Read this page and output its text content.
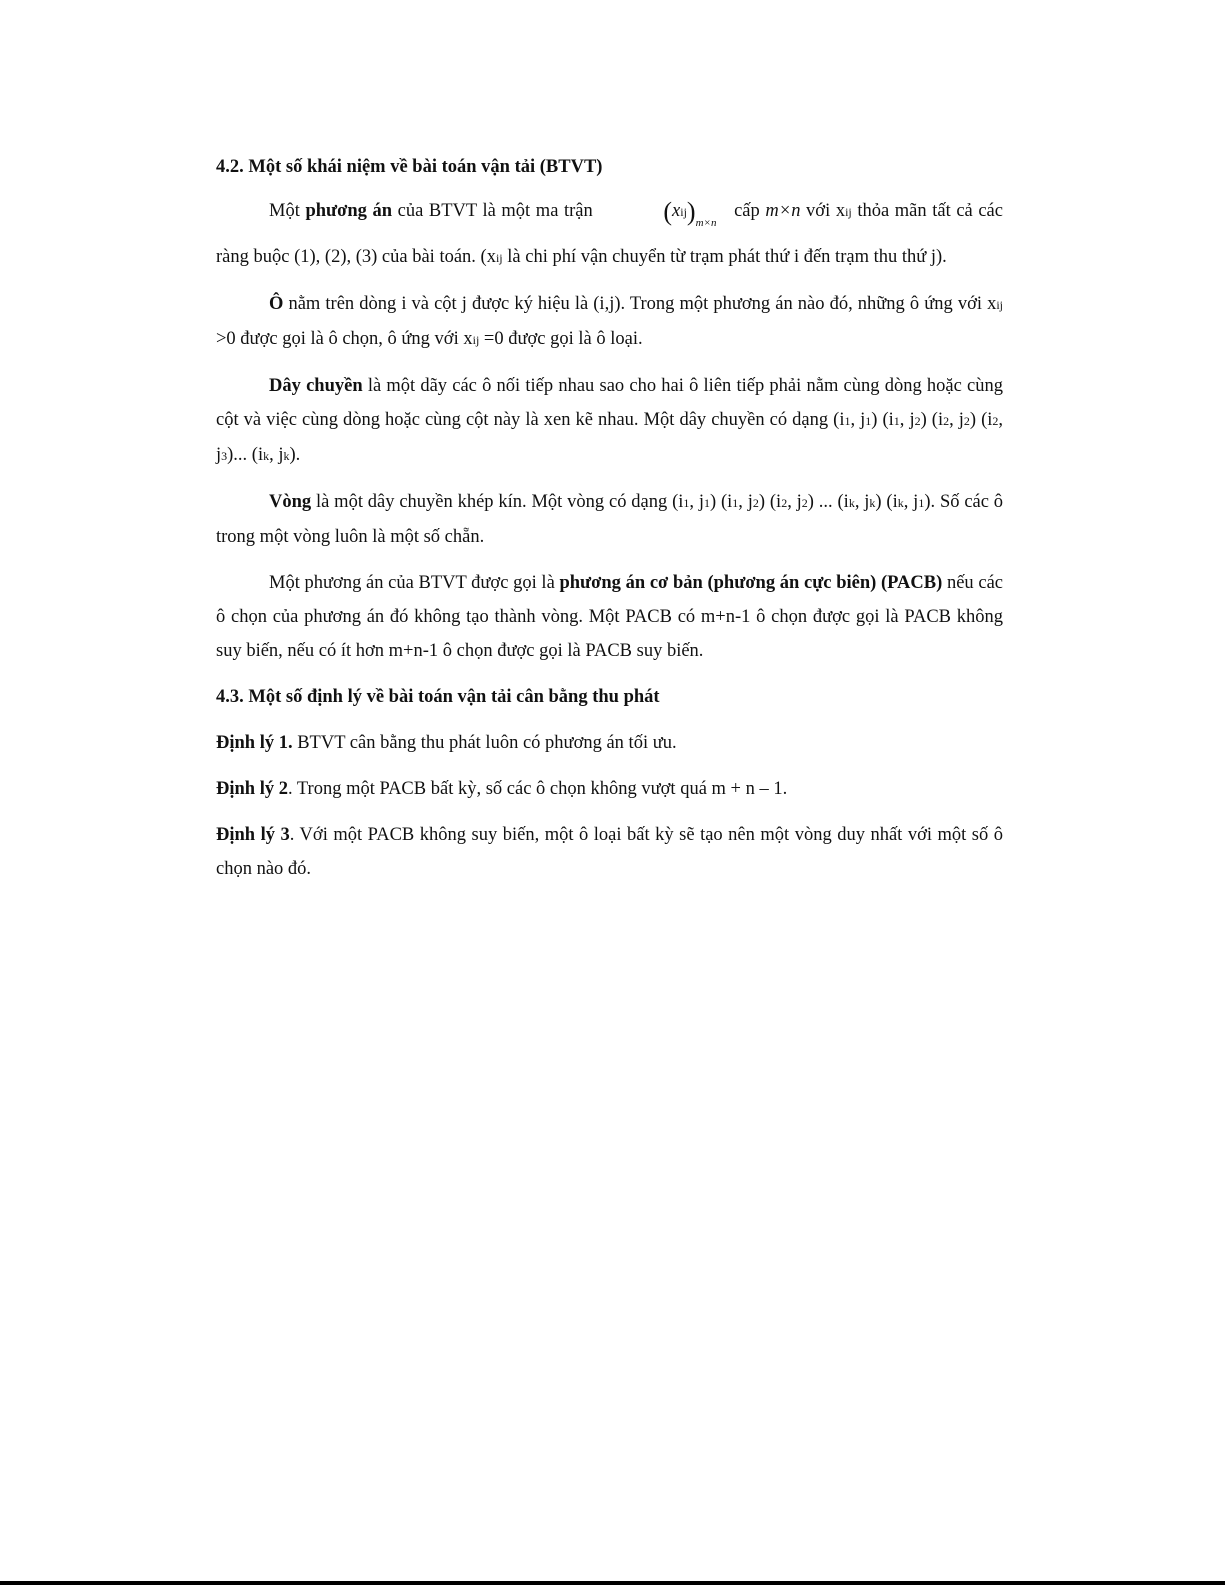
4.2. Một số khái niệm về bài toán vận tải (BTVT)

Một phương án của BTVT là một ma trận	$(xij)_{m\times n}$ cấp m×n với xij thỏa mãn tất cả các ràng buộc (1), (2), (3) của bài toán. (xij là chi phí vận chuyển từ trạm phát thứ i đến trạm thu thứ j).

Ô nằm trên dòng i và cột j được ký hiệu là (i,j). Trong một phương án nào đó, những ô ứng với xij >0 được gọi là ô chọn, ô ứng với xij =0 được gọi là ô loại.

Dây chuyền là một dãy các ô nối tiếp nhau sao cho hai ô liên tiếp phải nằm cùng dòng hoặc cùng cột và việc cùng dòng hoặc cùng cột này là xen kẽ nhau. Một dây chuyền có dạng (i1, j1) (i1, j2) (i2, j2) (i2, j3)... (ik, jk).

Vòng là một dây chuyền khép kín. Một vòng có dạng (i1, j1) (i1, j2) (i2, j2) ... (ik, jk) (ik, j1). Số các ô trong một vòng luôn là một số chẵn.

Một phương án của BTVT được gọi là phương án cơ bản (phương án cực biên) (PACB) nếu các ô chọn của phương án đó không tạo thành vòng. Một PACB có m+n-1 ô chọn được gọi là PACB không suy biến, nếu có ít hơn m+n-1 ô chọn được gọi là PACB suy biến.

4.3. Một số định lý về bài toán vận tải cân bằng thu phát

Định lý 1. BTVT cân bằng thu phát luôn có phương án tối ưu.

Định lý 2. Trong một PACB bất kỳ, số các ô chọn không vượt quá m + n – 1.

Định lý 3. Với một PACB không suy biến, một ô loại bất kỳ sẽ tạo nên một vòng duy nhất với một số ô chọn nào đó.
